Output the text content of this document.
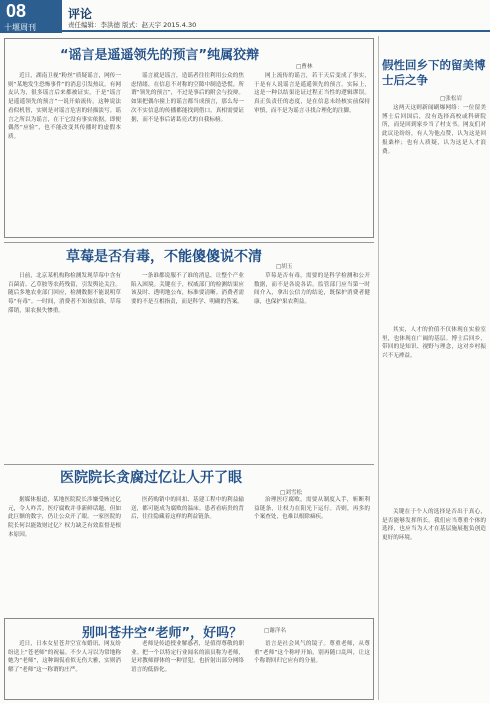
08
十堰周刊
评论
责任编辑：李洪德 版式：赵天宇 2015.4.30
“谣言是遥遥领先的预言”纯属狡辩
□曹林

近日，湖南卫视“粉丝”质疑谣言，网传一则“某地发生恐怖事件”的消息引发热议。有网友认为，很多谣言后来都被证实，于是“谣言是遥遥领先的预言”一说开始流传。这种说法看似机智，实则是对谣言危害的轻描淡写。谣言之所以为谣言，在于它没有事实依据，即便偶然“应验”，也不能改变其传播时的虚假本质。

谣言就是谣言，造谣者往往利用公众的焦虑情绪，在信息不对称的空隙中制造恐慌。所谓“领先的预言”，不过是事后的附会与狡辩。如果把偶尔撞上的谣言都当成预言，那么每一次不实信息的传播都能找到借口。真相需要证据，而不是事后诸葛亮式的自我标榜。

网上流传的谣言，若干天后变成了事实，于是有人说谣言是遥遥领先的预言。实际上，这是一种以结果论证过程正当性的逻辑谬误。真正负责任的态度，是在信息未经核实前保持审慎，而不是为谣言寻找合理化的注脚。

草莓是否有毒，不能傻傻说不清
□胡玉

日前，北京某机构称检测发现草莓中含有百菌清、乙草胺等农药残留，引发舆论关注。随后多地农业部门回应，检测数据不能说明草莓“有毒”。一时间，消费者不知该信谁，草莓滞销，果农损失惨重。

一条谁都说服不了谁的消息，让整个产业陷入困境。关键在于，权威部门的检测结果应该及时、透明地公布，标准要清晰。消费者需要的不是互相指责，而是科学、明确的答案。

草莓是否有毒，需要的是科学检测和公开数据，而不是各说各话。监管部门应当第一时间介入，拿出公信力的结论，既保护消费者健康，也保护果农利益。

医院院长贪腐过亿让人开了眼
□刘雪松

据媒体报道，某地医院院长涉嫌受贿过亿元，令人咋舌。医疗腐败并非新鲜话题，但如此巨额的数字，仍让公众开了眼。一家医院的院长何以能敛财过亿？权力缺乏有效监督是根本原因。

医药购销中的回扣、基建工程中的利益输送，都可能成为腐败的温床。患者看病贵的背后，往往隐藏着这样的利益链条。

治理医疗腐败，需要从制度入手，斩断利益链条，让权力在阳光下运行。否则，再多的个案查处，也难以根除痼疾。

别叫苍井空“老师”，好吗？	□谢洋名

近日，日本女星苍井空宣布婚讯，网友纷纷送上“苍老师”的祝福。不少人习以为常地称她为“老师”，这种调侃看似无伤大雅，实则消解了“老师”这一称谓的庄严。

老师是传道授业解惑者，是值得尊敬的职业。把一个以特定行业闻名的演员称为老师，是对教师群体的一种冒犯，也折射出部分网络语言的低俗化。

语言是社会风气的镜子。尊重老师，从尊重“老师”这个称呼开始。别再随口乱叫，让这个称谓回归它应有的分量。

假性回乡下的留美博士后之争
□张松岩

这两天这则新闻刷爆网络：一位留美博士后回国后，没有选择高校或科研院所，而是回到家乡当了村支书。网友们对此议论纷纷，有人为他点赞，认为这是回报桑梓；也有人质疑，认为这是人才浪费。

其实，人才的价值不仅体现在实验室里，也体现在广阔的基层。博士后回乡，带回的是知识、视野与理念，这对乡村振兴不无裨益。

关键在于个人的选择是否出于真心，是否能够发挥所长。我们应当尊重个体的选择，也应当为人才在基层施展抱负创造更好的环境。
